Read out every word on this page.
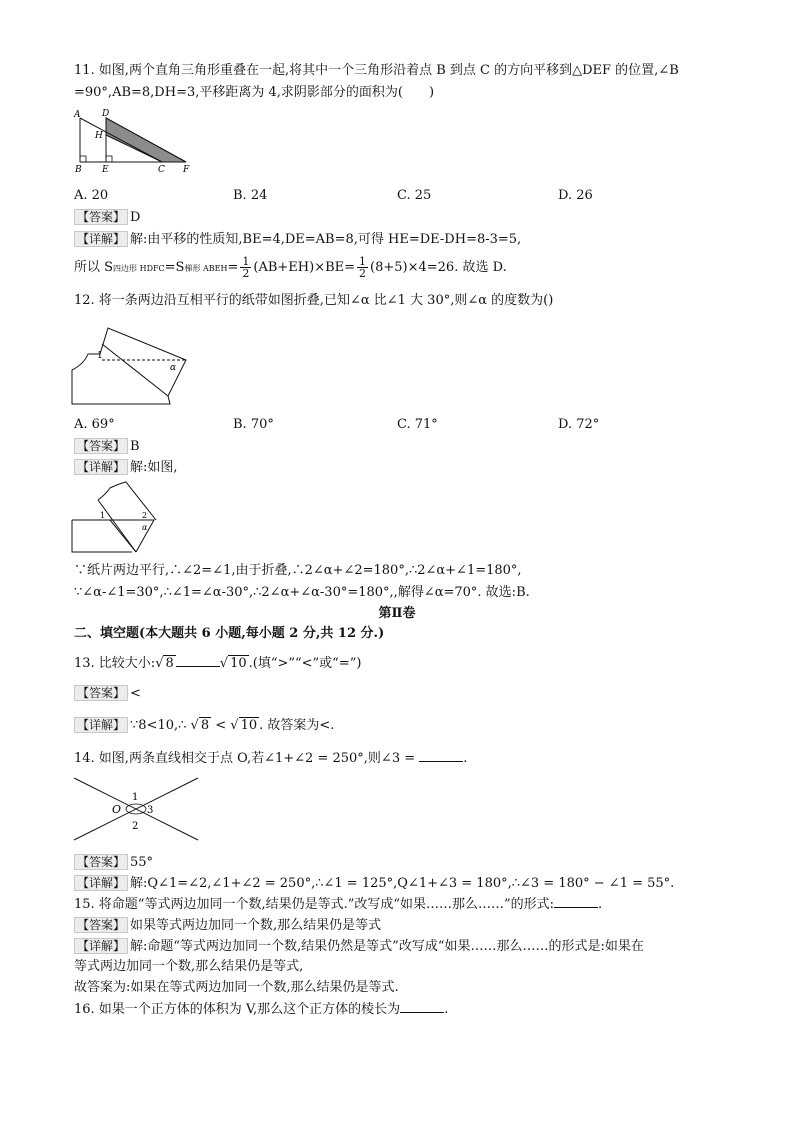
11. 如图,两个直角三角形重叠在一起,将其中一个三角形沿着点 B 到点 C 的方向平移到△DEF 的位置,∠B
=90°,AB=8,DH=3,平移距离为 4,求阴影部分的面积为(　　)
A D
H
B E	C F
A. 20	B. 24	C. 25	D. 26
【答案】 D
【详解】 解:由平移的性质知,BE=4,DE=AB=8,可得 HE=DE-DH=8-3=5,
所以 S四边形 HDFC=S梯形 ABEH= $\frac{1}{2} (AB+EH)\times BE= \frac{1}{2} (8+5)\times 4=26$. 故选 D.
12. 将一条两边沿互相平行的纸带如图折叠,已知∠α 比∠1 大 30°,则∠α 的度数为()
1
α
A. 69°	B. 70°	C. 71°	D. 72°
【答案】 B
【详解】 解:如图,
1	2
α
∵纸片两边平行,∴∠2=∠1,由于折叠,∴2∠α+∠2=180°,∴2∠α+∠1=180°,
∵∠α-∠1=30°,∴∠1=∠α-30°,∴2∠α+∠α-30°=180°,,解得∠α=70°. 故选:B.
第Ⅱ卷
二、填空题(本大题共 6 小题,每小题 2 分,共 12 分.)
13. 比较大小:√ 8	√ 10 .(填“>”“<”或“=”)
【答案】 <
【详解】 ∵8<10,∴ √ 8 < √ 10 . 故答案为<.
14. 如图,两条直线相交于点 O,若∠1+∠2 = 250°,则∠3 =	.
O
1
2
3
【答案】 55°
【详解】 解:Q∠1=∠2,∠1+∠2 = 250°,∴∠1 = 125°,Q∠1+∠3 = 180°,∴∠3 = 180° − ∠1 = 55°.
15. 将命题“等式两边加同一个数,结果仍是等式.”改写成“如果……那么……”的形式:	.
【答案】 如果等式两边加同一个数,那么结果仍是等式
【详解】 解:命题“等式两边加同一个数,结果仍然是等式”改写成“如果……那么……的形式是:如果在
等式两边加同一个数,那么结果仍是等式,
故答案为:如果在等式两边加同一个数,那么结果仍是等式.
16. 如果一个正方体的体积为 V,那么这个正方体的棱长为	.
